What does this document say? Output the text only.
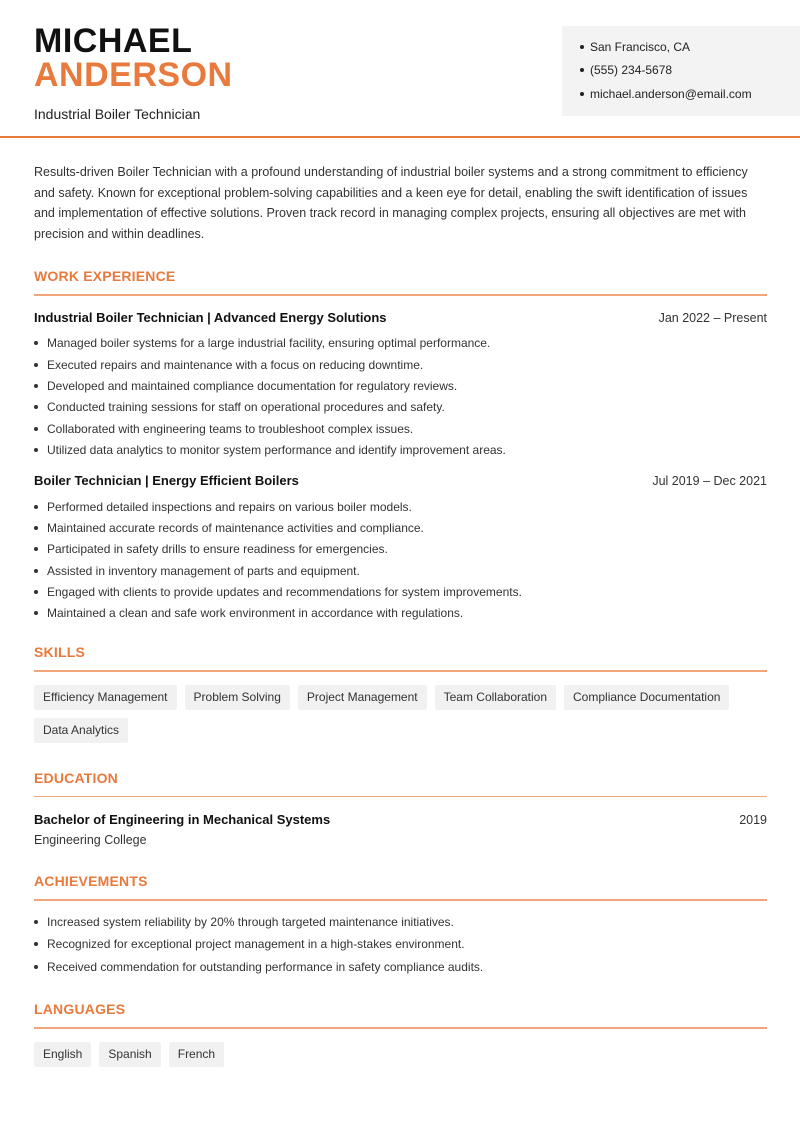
MICHAEL
ANDERSON
Industrial Boiler Technician
San Francisco, CA
(555) 234-5678
michael.anderson@email.com

Results-driven Boiler Technician with a profound understanding of industrial boiler systems and a strong commitment to efficiency and safety. Known for exceptional problem-solving capabilities and a keen eye for detail, enabling the swift identification of issues and implementation of effective solutions. Proven track record in managing complex projects, ensuring all objectives are met with precision and within deadlines.

WORK EXPERIENCE
Industrial Boiler Technician | Advanced Energy Solutions	Jan 2022 – Present
Managed boiler systems for a large industrial facility, ensuring optimal performance.
Executed repairs and maintenance with a focus on reducing downtime.
Developed and maintained compliance documentation for regulatory reviews.
Conducted training sessions for staff on operational procedures and safety.
Collaborated with engineering teams to troubleshoot complex issues.
Utilized data analytics to monitor system performance and identify improvement areas.
Boiler Technician | Energy Efficient Boilers	Jul 2019 – Dec 2021
Performed detailed inspections and repairs on various boiler models.
Maintained accurate records of maintenance activities and compliance.
Participated in safety drills to ensure readiness for emergencies.
Assisted in inventory management of parts and equipment.
Engaged with clients to provide updates and recommendations for system improvements.
Maintained a clean and safe work environment in accordance with regulations.
SKILLS
Efficiency Management	Problem Solving	Project Management	Team Collaboration	Compliance Documentation
Data Analytics
EDUCATION
Bachelor of Engineering in Mechanical Systems	2019
Engineering College
ACHIEVEMENTS
Increased system reliability by 20% through targeted maintenance initiatives.
Recognized for exceptional project management in a high-stakes environment.
Received commendation for outstanding performance in safety compliance audits.
LANGUAGES
English	Spanish	French
